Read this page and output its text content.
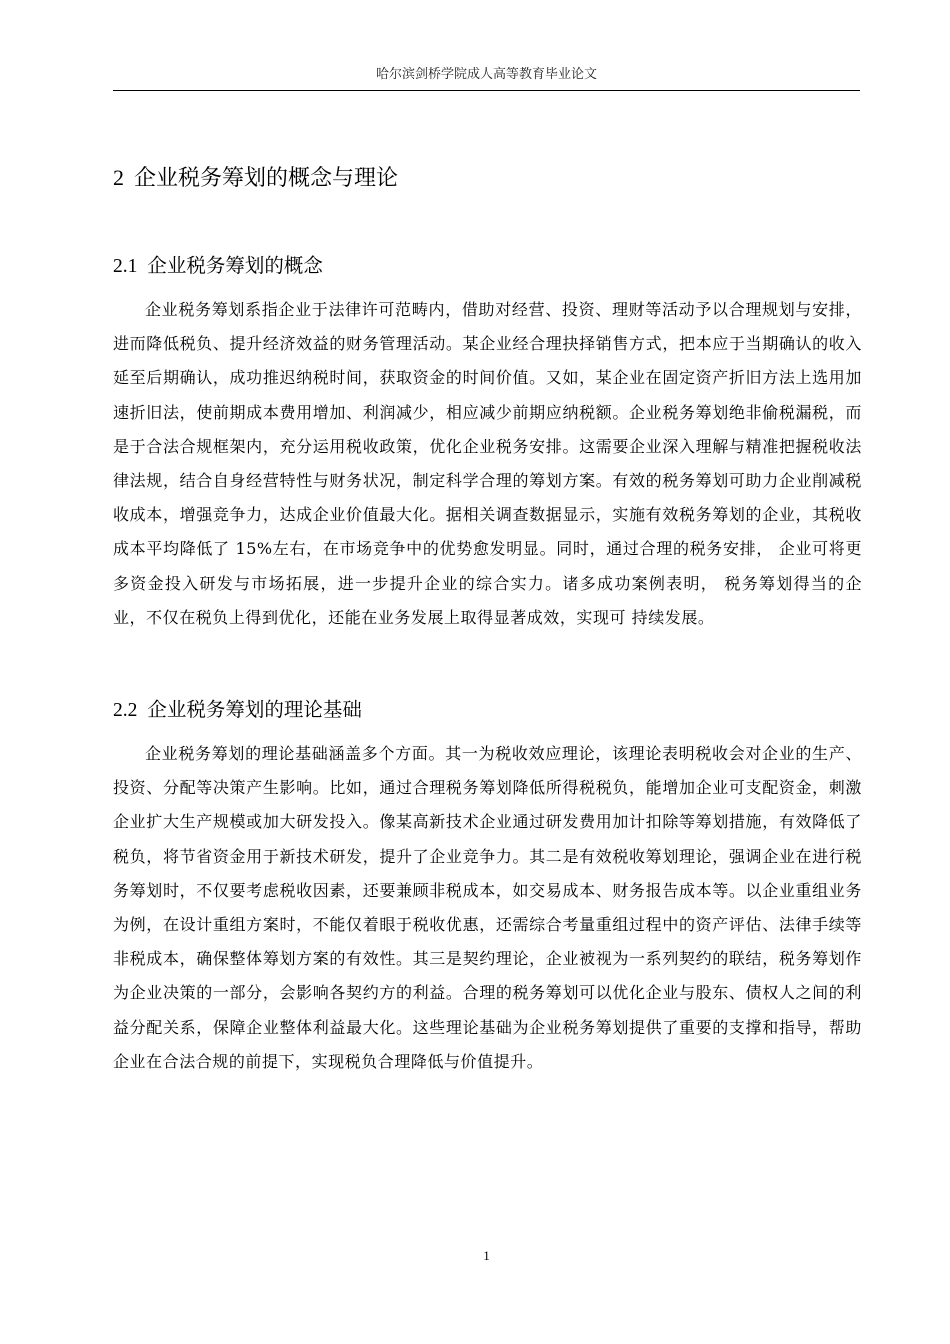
哈尔滨剑桥学院成人高等教育毕业论文
2 企业税务筹划的概念与理论
2.1 企业税务筹划的概念

企业税务筹划系指企业于法律许可范畴内，借助对经营、投资、理财等活动予以合理规划与安排，进而降低税负、提升经济效益的财务管理活动。某企业经合理抉择销售方式，把本应于当期确认的收入延至后期确认，成功推迟纳税时间，获取资金的时间价值。又如，某企业在固定资产折旧方法上选用加速折旧法，使前期成本费用增加、利润减少，相应减少前期应纳税额。企业税务筹划绝非偷税漏税，而是于合法合规框架内，充分运用税收政策，优化企业税务安排。这需要企业深入理解与精准把握税收法律法规，结合自身经营特性与财务状况，制定科学合理的筹划方案。有效的税务筹划可助力企业削减税收成本，增强竞争力，达成企业价值最大化。据相关调查数据显示，实施有效税务筹划的企业，其税收成本平均降低了 15%左右，在市场竞争中的优势愈发明显。同时，通过合理的税务安排， 企业可将更多资金投入研发与市场拓展，进一步提升企业的综合实力。诸多成功案例表明， 税务筹划得当的企业，不仅在税负上得到优化，还能在业务发展上取得显著成效，实现可 持续发展。

2.2 企业税务筹划的理论基础

企业税务筹划的理论基础涵盖多个方面。其一为税收效应理论，该理论表明税收会对企业的生产、投资、分配等决策产生影响。比如，通过合理税务筹划降低所得税税负，能增加企业可支配资金，刺激企业扩大生产规模或加大研发投入。像某高新技术企业通过研发费用加计扣除等筹划措施，有效降低了税负，将节省资金用于新技术研发，提升了企业竞争力。其二是有效税收筹划理论，强调企业在进行税务筹划时，不仅要考虑税收因素，还要兼顾非税成本，如交易成本、财务报告成本等。以企业重组业务为例，在设计重组方案时，不能仅着眼于税收优惠，还需综合考量重组过程中的资产评估、法律手续等非税成本，确保整体筹划方案的有效性。其三是契约理论，企业被视为一系列契约的联结，税务筹划作为企业决策的一部分，会影响各契约方的利益。合理的税务筹划可以优化企业与股东、债权人之间的利益分配关系，保障企业整体利益最大化。这些理论基础为企业税务筹划提供了重要的支撑和指导，帮助企业在合法合规的前提下，实现税负合理降低与价值提升。

1
